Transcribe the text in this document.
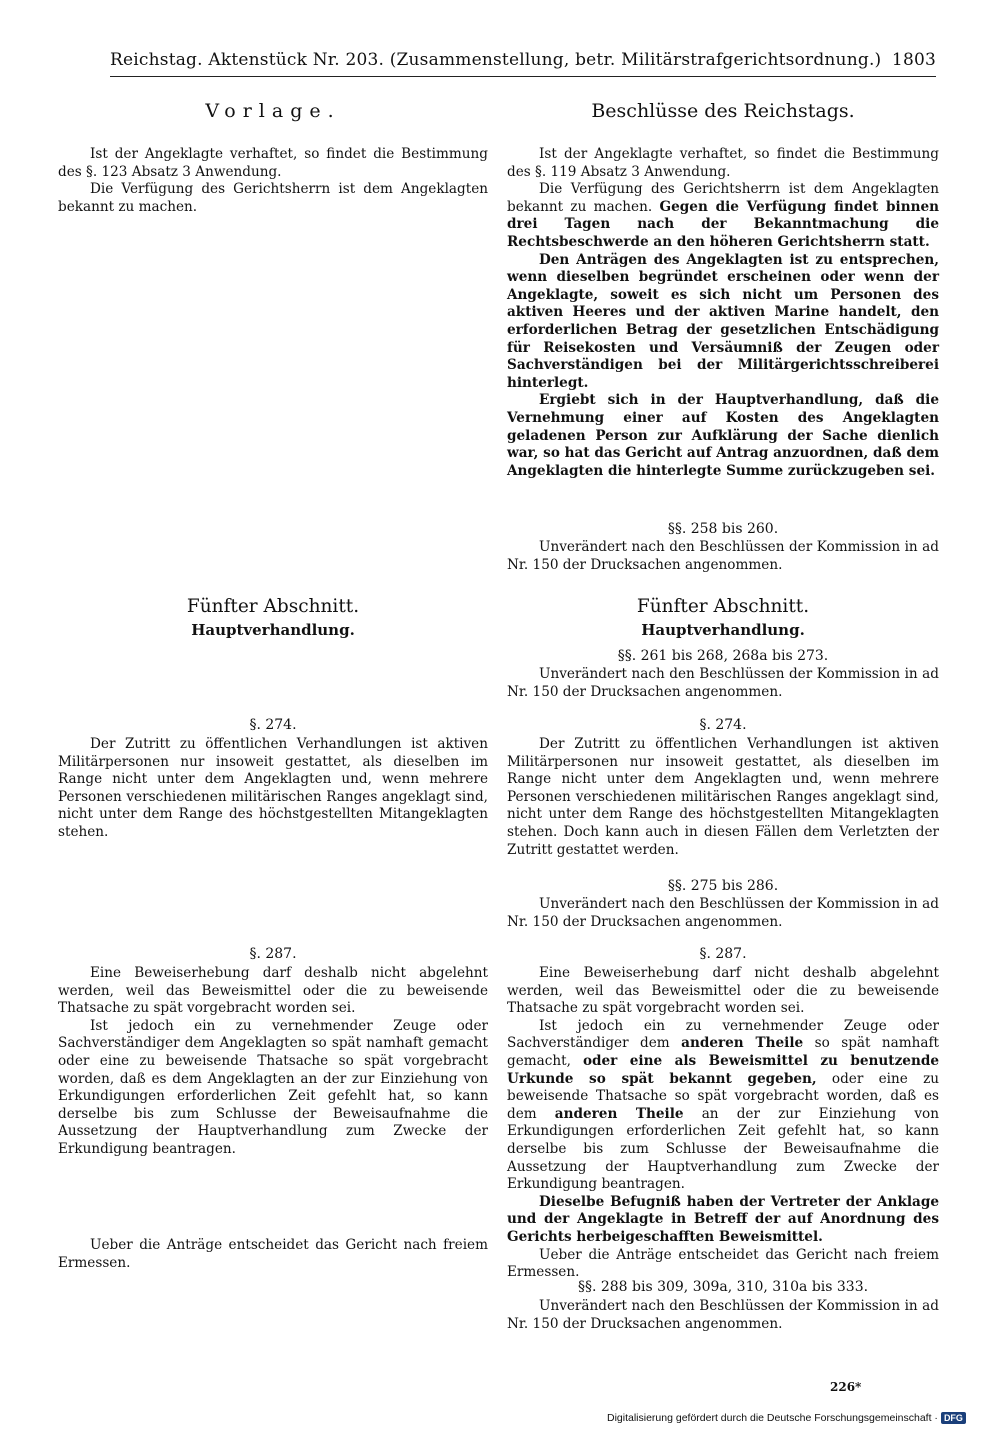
Reichstag. Aktenstück Nr. 203. (Zusammenstellung, betr. Militärstrafgerichtsordnung.) 1803
Vorlage.

Ist der Angeklagte verhaftet, so findet die Bestimmung des §. 123 Absatz 3 Anwendung.

Die Verfügung des Gerichtsherrn ist dem Angeklagten bekannt zu machen.

Fünfter Abschnitt.
Hauptverhandlung.
§. 274.

Der Zutritt zu öffentlichen Verhandlungen ist aktiven Militärpersonen nur insoweit gestattet, als dieselben im Range nicht unter dem Angeklagten und, wenn mehrere Personen verschiedenen militärischen Ranges angeklagt sind, nicht unter dem Range des höchstgestellten Mitangeklagten stehen.

§. 287.

Eine Beweiserhebung darf deshalb nicht abgelehnt werden, weil das Beweismittel oder die zu beweisende Thatsache zu spät vorgebracht worden sei.

Ist jedoch ein zu vernehmender Zeuge oder Sachverständiger dem Angeklagten so spät namhaft gemacht oder eine zu beweisende Thatsache so spät vorgebracht worden, daß es dem Angeklagten an der zur Einziehung von Erkundigungen erforderlichen Zeit gefehlt hat, so kann derselbe bis zum Schlusse der Beweisaufnahme die Aussetzung der Hauptverhandlung zum Zwecke der Erkundigung beantragen.

Ueber die Anträge entscheidet das Gericht nach freiem Ermessen.

Beschlüsse des Reichstags.

Ist der Angeklagte verhaftet, so findet die Bestimmung des §. 119 Absatz 3 Anwendung.

Die Verfügung des Gerichtsherrn ist dem Angeklagten bekannt zu machen. Gegen die Verfügung findet binnen drei Tagen nach der Bekanntmachung die Rechtsbeschwerde an den höheren Gerichtsherrn statt.

Den Anträgen des Angeklagten ist zu entsprechen, wenn dieselben begründet erscheinen oder wenn der Angeklagte, soweit es sich nicht um Personen des aktiven Heeres und der aktiven Marine handelt, den erforderlichen Betrag der gesetzlichen Entschädigung für Reisekosten und Versäumniß der Zeugen oder Sachverständigen bei der Militärgerichtsschreiberei hinterlegt.

Ergiebt sich in der Hauptverhandlung, daß die Vernehmung einer auf Kosten des Angeklagten geladenen Person zur Aufklärung der Sache dienlich war, so hat das Gericht auf Antrag anzuordnen, daß dem Angeklagten die hinterlegte Summe zurückzugeben sei.

§§. 258 bis 260.

Unverändert nach den Beschlüssen der Kommission in ad Nr. 150 der Drucksachen angenommen.

Fünfter Abschnitt.
Hauptverhandlung.
§§. 261 bis 268, 268a bis 273.

Unverändert nach den Beschlüssen der Kommission in ad Nr. 150 der Drucksachen angenommen.

§. 274.

Der Zutritt zu öffentlichen Verhandlungen ist aktiven Militärpersonen nur insoweit gestattet, als dieselben im Range nicht unter dem Angeklagten und, wenn mehrere Personen verschiedenen militärischen Ranges angeklagt sind, nicht unter dem Range des höchstgestellten Mitangeklagten stehen. Doch kann auch in diesen Fällen dem Verletzten der Zutritt gestattet werden.

§§. 275 bis 286.

Unverändert nach den Beschlüssen der Kommission in ad Nr. 150 der Drucksachen angenommen.

§. 287.

Eine Beweiserhebung darf nicht deshalb abgelehnt werden, weil das Beweismittel oder die zu beweisende Thatsache zu spät vorgebracht worden sei.

Ist jedoch ein zu vernehmender Zeuge oder Sachverständiger dem anderen Theile so spät namhaft gemacht, oder eine als Beweismittel zu benutzende Urkunde so spät bekannt gegeben, oder eine zu beweisende Thatsache so spät vorgebracht worden, daß es dem anderen Theile an der zur Einziehung von Erkundigungen erforderlichen Zeit gefehlt hat, so kann derselbe bis zum Schlusse der Beweisaufnahme die Aussetzung der Hauptverhandlung zum Zwecke der Erkundigung beantragen.

Dieselbe Befugniß haben der Vertreter der Anklage und der Angeklagte in Betreff der auf Anordnung des Gerichts herbeigeschafften Beweismittel.

Ueber die Anträge entscheidet das Gericht nach freiem Ermessen.

§§. 288 bis 309, 309a, 310, 310a bis 333.

Unverändert nach den Beschlüssen der Kommission in ad Nr. 150 der Drucksachen angenommen.

226*
Digitalisierung gefördert durch die Deutsche Forschungsgemeinschaft · DFG
